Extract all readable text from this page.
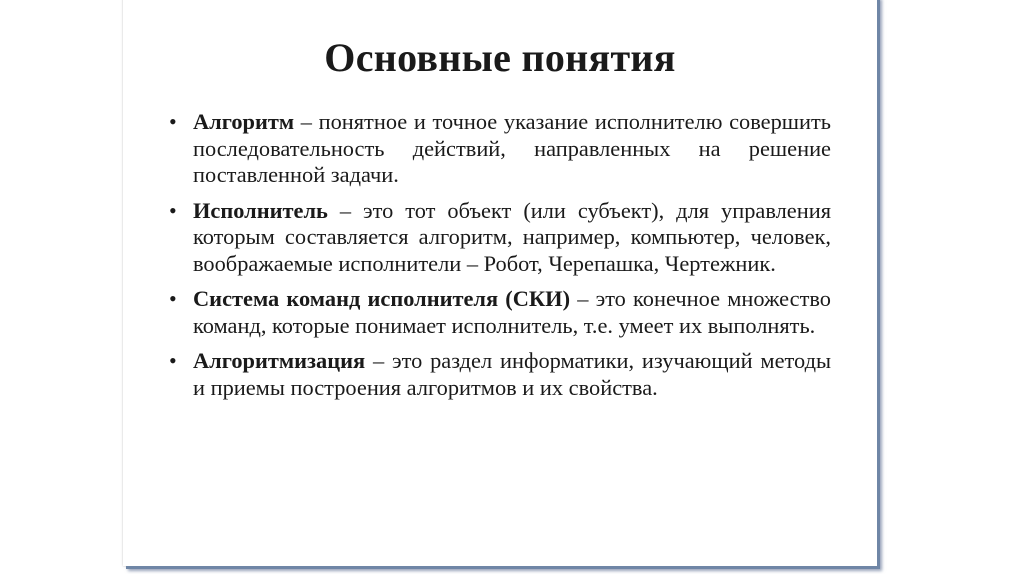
Основные понятия
• Алгоритм – понятное и точное указание исполнителю совершить последовательность действий, направленных на решение поставленной задачи.
• Исполнитель – это тот объект (или субъект), для управления которым составляется алгоритм, например, компьютер, человек, воображаемые исполнители – Робот, Черепашка, Чертежник.
• Система команд исполнителя (СКИ) – это конечное множество команд, которые понимает исполнитель, т.е. умеет их выполнять.
• Алгоритмизация – это раздел информатики, изучающий методы и приемы построения алгоритмов и их свойства.
